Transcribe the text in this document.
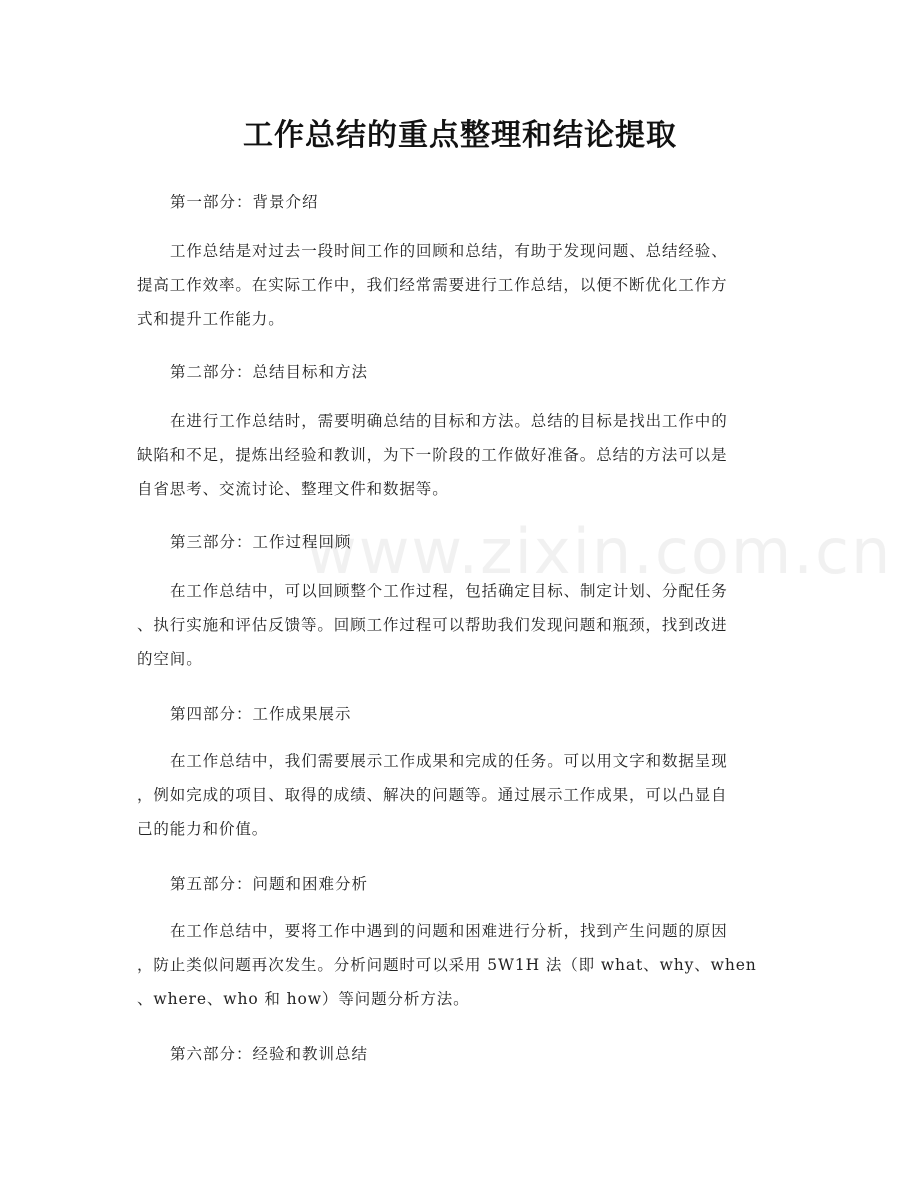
www.zixin.com.cn
工作总结的重点整理和结论提取
第一部分：背景介绍
工作总结是对过去一段时间工作的回顾和总结，有助于发现问题、总结经验、
提高工作效率。在实际工作中，我们经常需要进行工作总结，以便不断优化工作方
式和提升工作能力。
第二部分：总结目标和方法
在进行工作总结时，需要明确总结的目标和方法。总结的目标是找出工作中的
缺陷和不足，提炼出经验和教训，为下一阶段的工作做好准备。总结的方法可以是
自省思考、交流讨论、整理文件和数据等。
第三部分：工作过程回顾
在工作总结中，可以回顾整个工作过程，包括确定目标、制定计划、分配任务
、执行实施和评估反馈等。回顾工作过程可以帮助我们发现问题和瓶颈，找到改进
的空间。
第四部分：工作成果展示
在工作总结中，我们需要展示工作成果和完成的任务。可以用文字和数据呈现
，例如完成的项目、取得的成绩、解决的问题等。通过展示工作成果，可以凸显自
己的能力和价值。
第五部分：问题和困难分析
在工作总结中，要将工作中遇到的问题和困难进行分析，找到产生问题的原因
，防止类似问题再次发生。分析问题时可以采用 5W1H 法（即 what、why、when
、where、who 和 how）等问题分析方法。
第六部分：经验和教训总结
